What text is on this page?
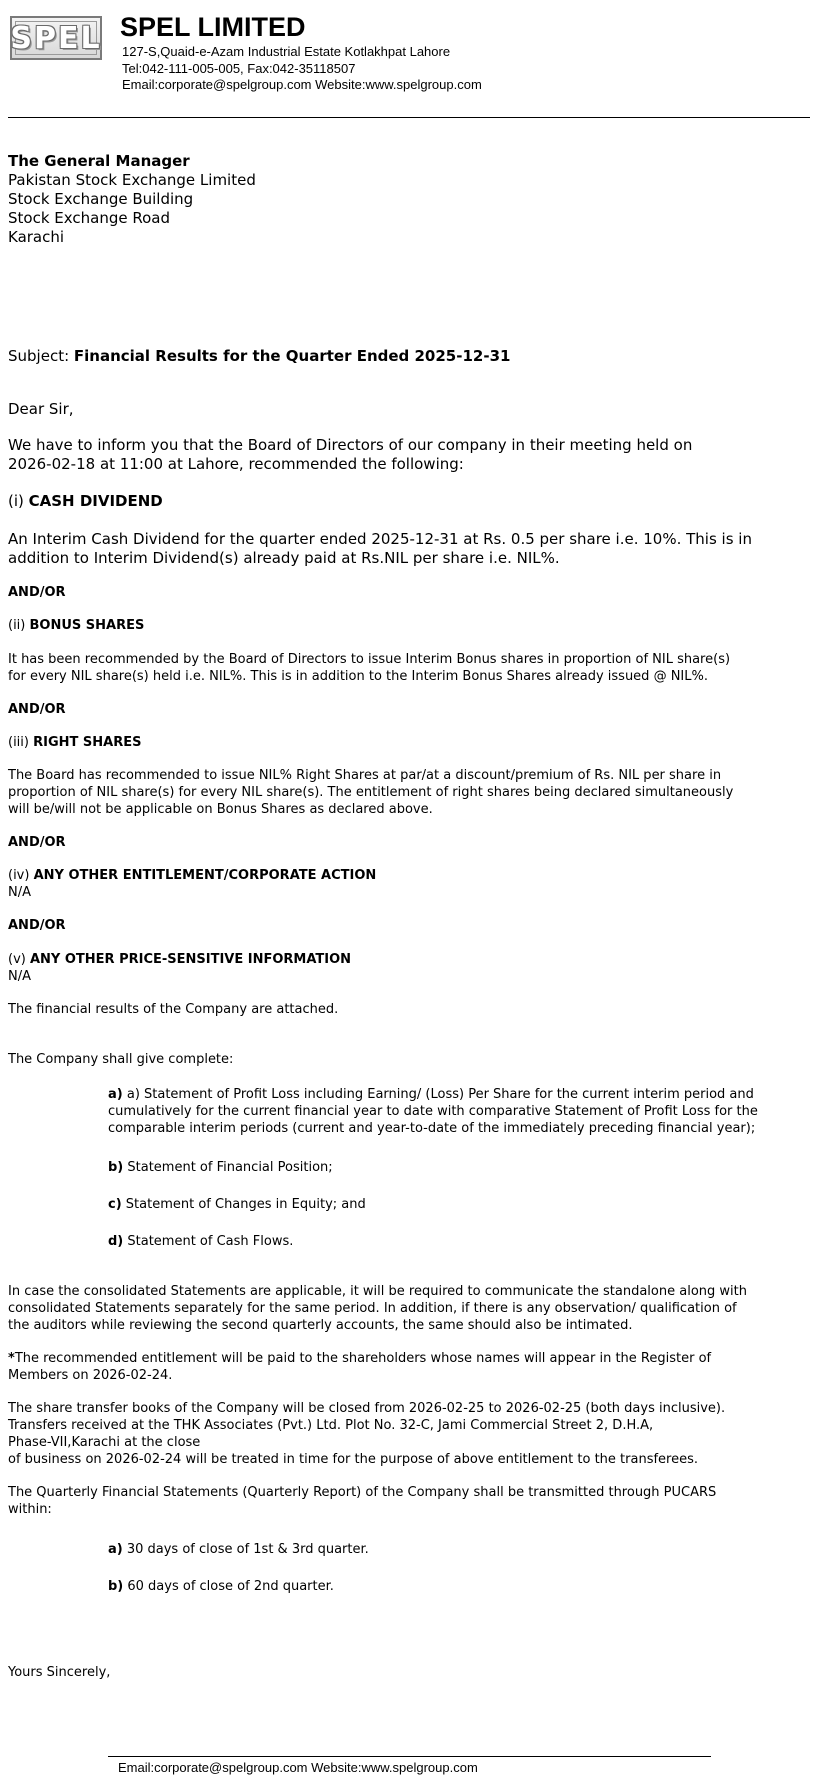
SPEL SPEL LIMITED
127-S,Quaid-e-Azam Industrial Estate Kotlakhpat Lahore
Tel:042-111-005-005, Fax:042-35118507
Email:corporate@spelgroup.com Website:www.spelgroup.com
The General Manager
Pakistan Stock Exchange Limited
Stock Exchange Building
Stock Exchange Road
Karachi
Subject: Financial Results for the Quarter Ended 2025-12-31
Dear Sir,
We have to inform you that the Board of Directors of our company in their meeting held on
2026-02-18 at 11:00 at Lahore, recommended the following:
(i) CASH DIVIDEND
An Interim Cash Dividend for the quarter ended 2025-12-31 at Rs. 0.5 per share i.e. 10%. This is in
addition to Interim Dividend(s) already paid at Rs.NIL per share i.e. NIL%.
AND/OR
(ii) BONUS SHARES
It has been recommended by the Board of Directors to issue Interim Bonus shares in proportion of NIL share(s)
for every NIL share(s) held i.e. NIL%. This is in addition to the Interim Bonus Shares already issued @ NIL%.
AND/OR
(iii) RIGHT SHARES
The Board has recommended to issue NIL% Right Shares at par/at a discount/premium of Rs. NIL per share in
proportion of NIL share(s) for every NIL share(s). The entitlement of right shares being declared simultaneously
will be/will not be applicable on Bonus Shares as declared above.
AND/OR
(iv) ANY OTHER ENTITLEMENT/CORPORATE ACTION
N/A
AND/OR
(v) ANY OTHER PRICE-SENSITIVE INFORMATION
N/A
The financial results of the Company are attached.
The Company shall give complete:
a) a) Statement of Profit Loss including Earning/ (Loss) Per Share for the current interim period and
cumulatively for the current financial year to date with comparative Statement of Profit Loss for the
comparable interim periods (current and year-to-date of the immediately preceding financial year);
b) Statement of Financial Position;
c) Statement of Changes in Equity; and
d) Statement of Cash Flows.
In case the consolidated Statements are applicable, it will be required to communicate the standalone along with
consolidated Statements separately for the same period. In addition, if there is any observation/ qualification of
the auditors while reviewing the second quarterly accounts, the same should also be intimated.
*The recommended entitlement will be paid to the shareholders whose names will appear in the Register of
Members on 2026-02-24.
The share transfer books of the Company will be closed from 2026-02-25 to 2026-02-25 (both days inclusive).
Transfers received at the THK Associates (Pvt.) Ltd. Plot No. 32-C, Jami Commercial Street 2, D.H.A,
Phase-VII,Karachi at the close
of business on 2026-02-24 will be treated in time for the purpose of above entitlement to the transferees.
The Quarterly Financial Statements (Quarterly Report) of the Company shall be transmitted through PUCARS
within:
a) 30 days of close of 1st & 3rd quarter.
b) 60 days of close of 2nd quarter.
Yours Sincerely,
Email:corporate@spelgroup.com Website:www.spelgroup.com
